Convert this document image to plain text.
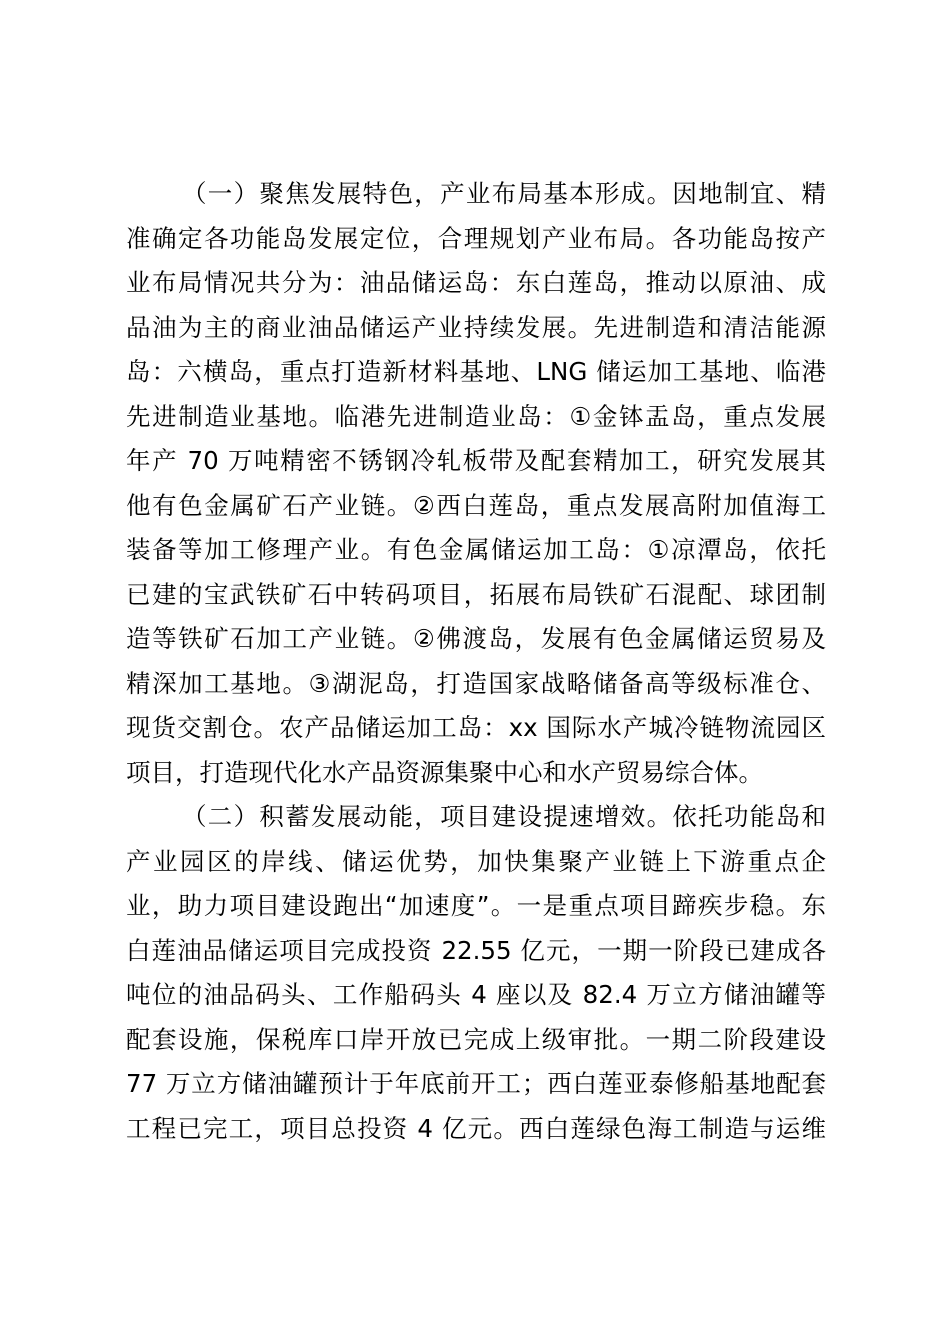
（一）聚焦发展特色，产业布局基本形成。因地制宜、精
准确定各功能岛发展定位，合理规划产业布局。各功能岛按产
业布局情况共分为：油品储运岛：东白莲岛，推动以原油、成
品油为主的商业油品储运产业持续发展。先进制造和清洁能源
岛：六横岛，重点打造新材料基地、LNG 储运加工基地、临港
先进制造业基地。临港先进制造业岛：①金钵盂岛，重点发展
年产 70 万吨精密不锈钢冷轧板带及配套精加工，研究发展其
他有色金属矿石产业链。②西白莲岛，重点发展高附加值海工
装备等加工修理产业。有色金属储运加工岛：①凉潭岛，依托
已建的宝武铁矿石中转码项目，拓展布局铁矿石混配、球团制
造等铁矿石加工产业链。②佛渡岛，发展有色金属储运贸易及
精深加工基地。③湖泥岛，打造国家战略储备高等级标准仓、
现货交割仓。农产品储运加工岛：xx 国际水产城冷链物流园区
项目，打造现代化水产品资源集聚中心和水产贸易综合体。
（二）积蓄发展动能，项目建设提速增效。依托功能岛和
产业园区的岸线、储运优势，加快集聚产业链上下游重点企
业，助力项目建设跑出“加速度”。一是重点项目蹄疾步稳。东
白莲油品储运项目完成投资 22.55 亿元，一期一阶段已建成各
吨位的油品码头、工作船码头 4 座以及 82.4 万立方储油罐等
配套设施，保税库口岸开放已完成上级审批。一期二阶段建设
77 万立方储油罐预计于年底前开工；西白莲亚泰修船基地配套
工程已完工，项目总投资 4 亿元。西白莲绿色海工制造与运维
